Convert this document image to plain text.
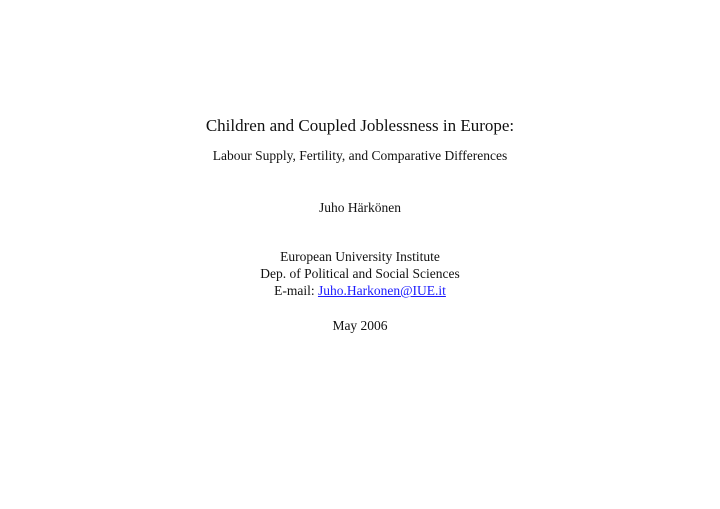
Children and Coupled Joblessness in Europe:
Labour Supply, Fertility, and Comparative Differences
Juho Härkönen
European University Institute
Dep. of Political and Social Sciences
E-mail: Juho.Harkonen@IUE.it
May 2006
